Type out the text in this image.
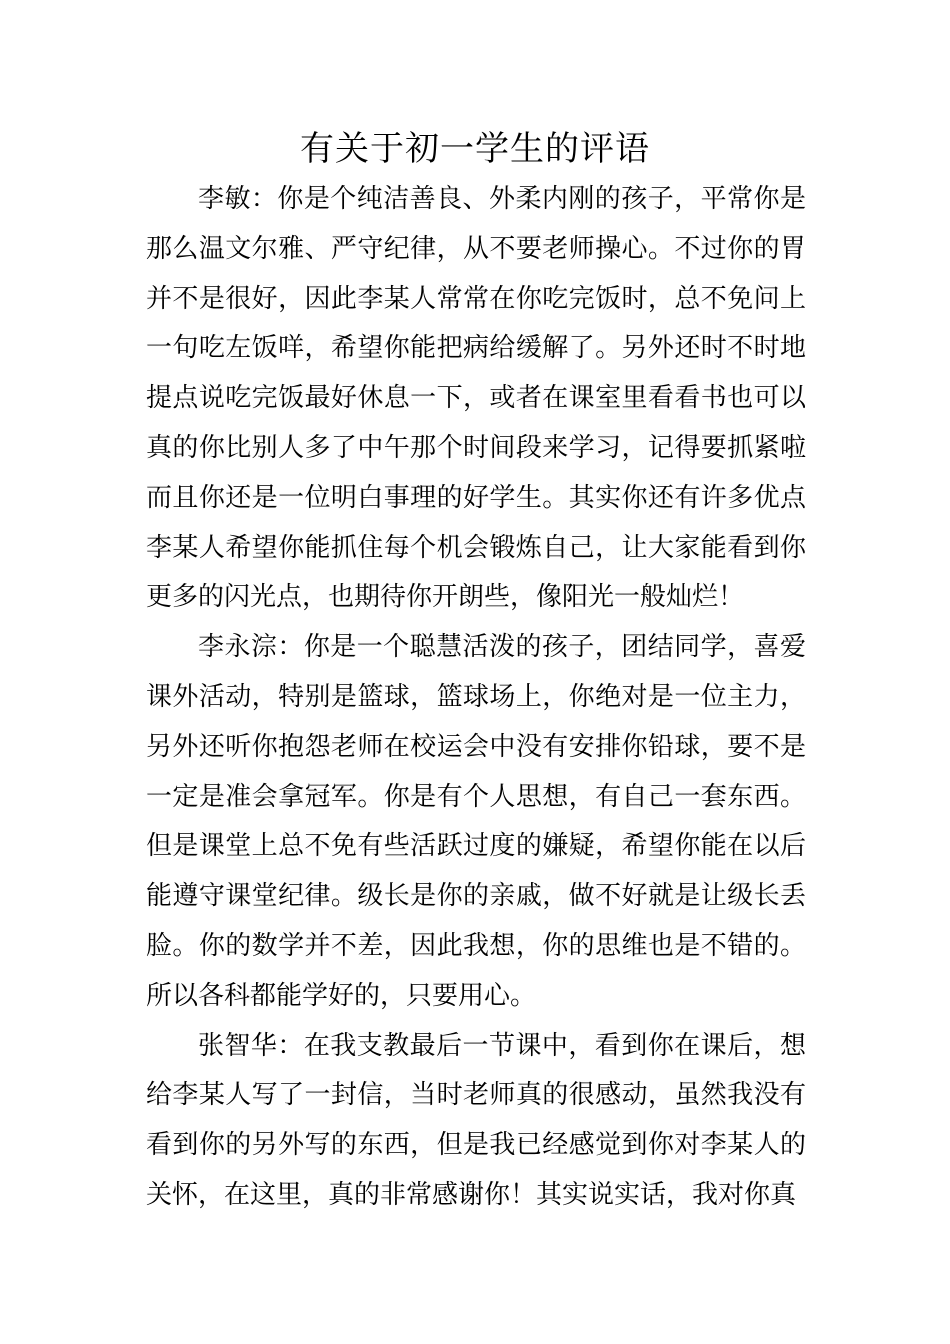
有关于初一学生的评语

李敏：你是个纯洁善良、外柔内刚的孩子，平常你是那么温文尔雅、严守纪律，从不要老师操心。不过你的胃并不是很好，因此李某人常常在你吃完饭时，总不免问上一句吃左饭咩，希望你能把病给缓解了。另外还时不时地提点说吃完饭最好休息一下，或者在课室里看看书也可以真的你比别人多了中午那个时间段来学习，记得要抓紧啦而且你还是一位明白事理的好学生。其实你还有许多优点李某人希望你能抓住每个机会锻炼自己，让大家能看到你更多的闪光点，也期待你开朗些，像阳光一般灿烂！

李永淙：你是一个聪慧活泼的孩子，团结同学，喜爱课外活动，特别是篮球，篮球场上，你绝对是一位主力，另外还听你抱怨老师在校运会中没有安排你铅球，要不是一定是准会拿冠军。你是有个人思想，有自己一套东西。但是课堂上总不免有些活跃过度的嫌疑，希望你能在以后能遵守课堂纪律。级长是你的亲戚，做不好就是让级长丢脸。你的数学并不差，因此我想，你的思维也是不错的。所以各科都能学好的，只要用心。

张智华：在我支教最后一节课中，看到你在课后，想给李某人写了一封信，当时老师真的很感动，虽然我没有看到你的另外写的东西，但是我已经感觉到你对李某人的关怀，在这里，真的非常感谢你！其实说实话，我对你真
